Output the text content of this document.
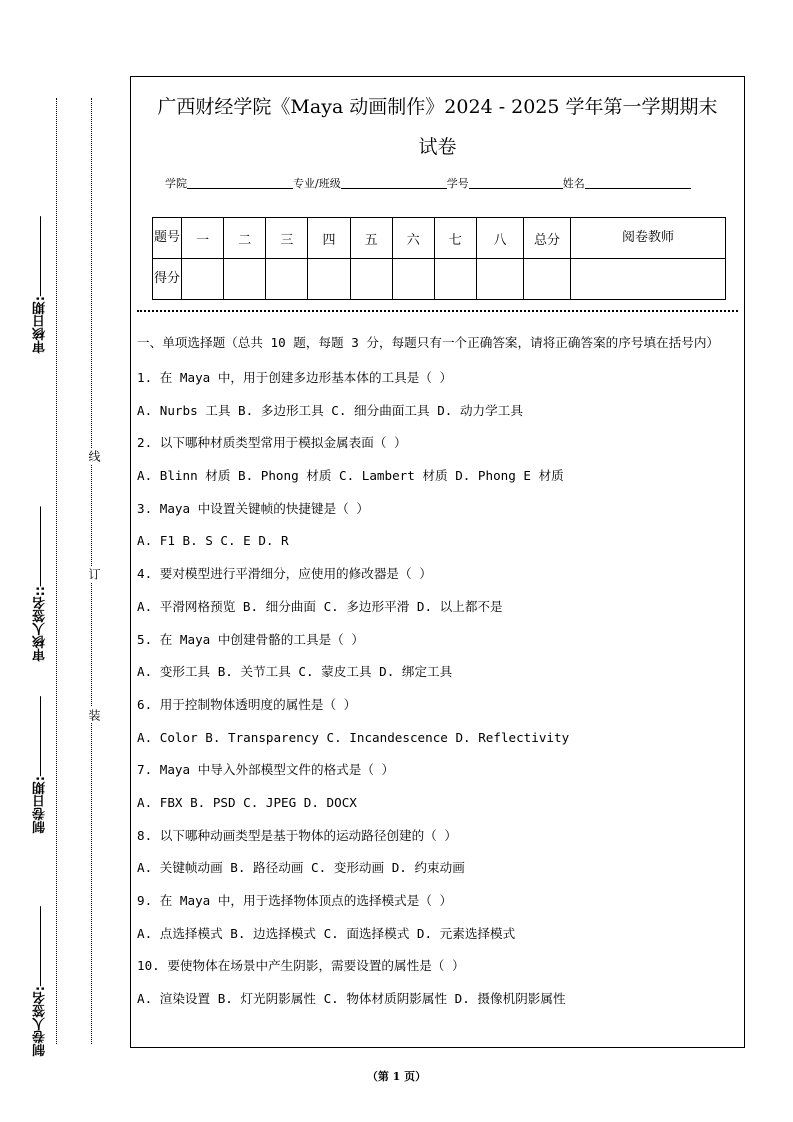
审核日期:
审核人签名::
制卷日期:
制卷人签名:
线
订
装
广西财经学院《Maya 动画制作》2024 - 2025 学年第一学期期末
试卷
学院	专业/班级	学号	姓名
题号	一	二	三	四	五	六	七	八	总分	阅卷教师
得分										
一、单项选择题（总共 10 题，每题 3 分，每题只有一个正确答案，请将正确答案的序号填在括号内）
1. 在 Maya 中，用于创建多边形基本体的工具是（ ）
A. Nurbs 工具 B. 多边形工具 C. 细分曲面工具 D. 动力学工具
2. 以下哪种材质类型常用于模拟金属表面（ ）
A. Blinn 材质 B. Phong 材质 C. Lambert 材质 D. Phong E 材质
3. Maya 中设置关键帧的快捷键是（ ）
A. F1 B. S C. E D. R
4. 要对模型进行平滑细分，应使用的修改器是（ ）
A. 平滑网格预览 B. 细分曲面 C. 多边形平滑 D. 以上都不是
5. 在 Maya 中创建骨骼的工具是（ ）
A. 变形工具 B. 关节工具 C. 蒙皮工具 D. 绑定工具
6. 用于控制物体透明度的属性是（ ）
A. Color B. Transparency C. Incandescence D. Reflectivity
7. Maya 中导入外部模型文件的格式是（ ）
A. FBX B. PSD C. JPEG D. DOCX
8. 以下哪种动画类型是基于物体的运动路径创建的（ ）
A. 关键帧动画 B. 路径动画 C. 变形动画 D. 约束动画
9. 在 Maya 中，用于选择物体顶点的选择模式是（ ）
A. 点选择模式 B. 边选择模式 C. 面选择模式 D. 元素选择模式
10. 要使物体在场景中产生阴影，需要设置的属性是（ ）
A. 渲染设置 B. 灯光阴影属性 C. 物体材质阴影属性 D. 摄像机阴影属性
（第 1 页）
